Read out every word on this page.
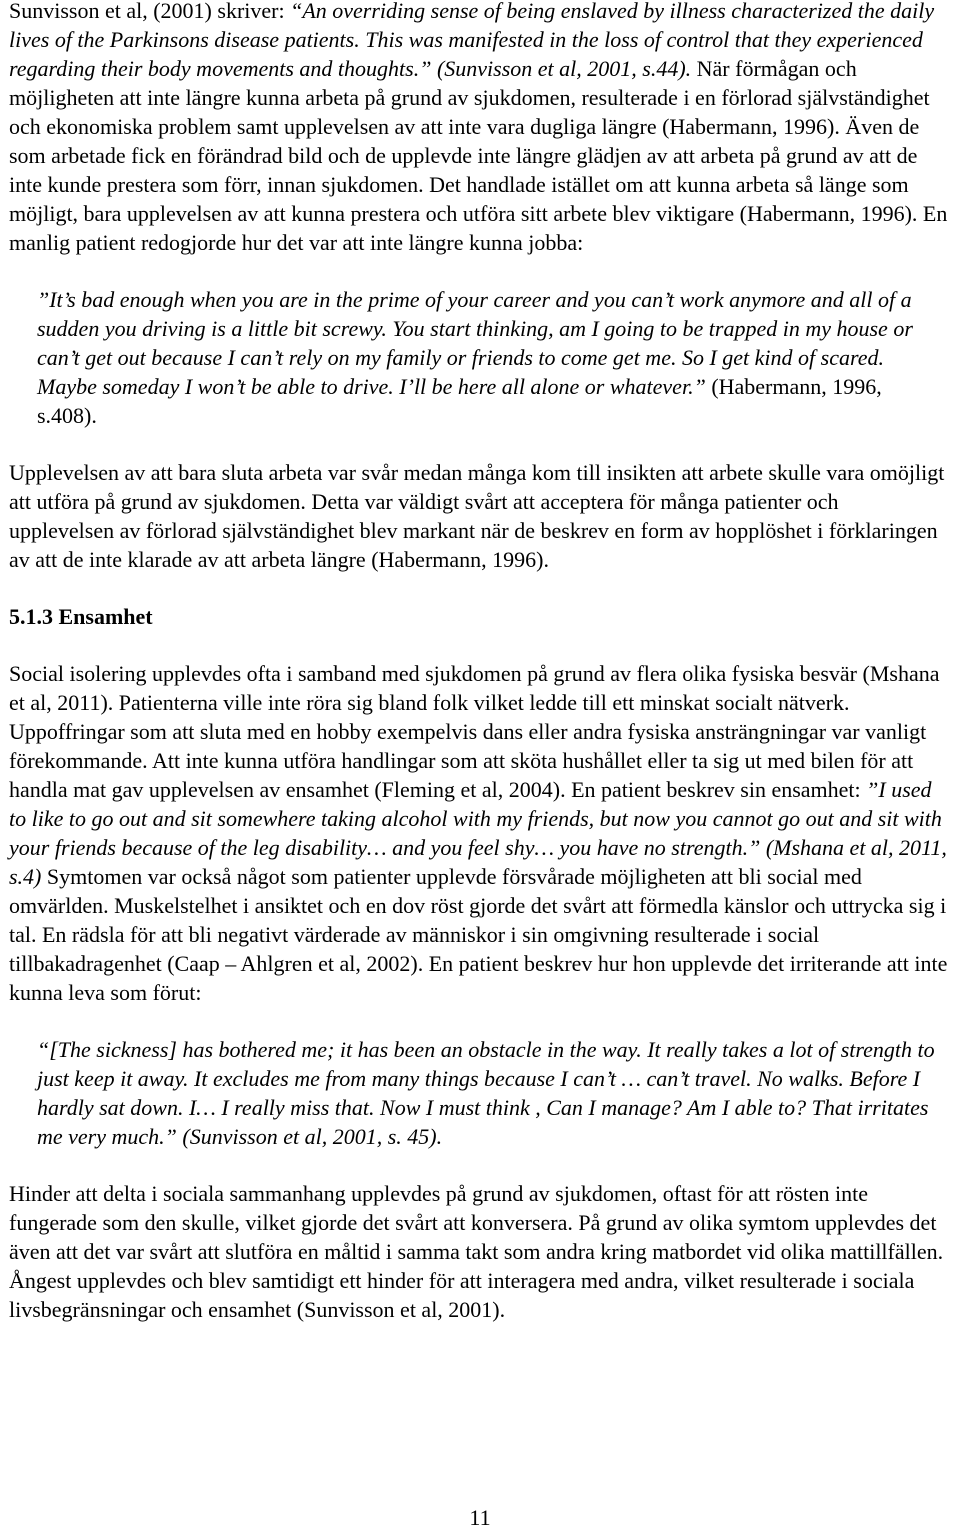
Sunvisson et al, (2001) skriver: “An overriding sense of being enslaved by illness characterized the daily lives of the Parkinsons disease patients. This was manifested in the loss of control that they experienced regarding their body movements and thoughts.” (Sunvisson et al, 2001, s.44). När förmågan och möjligheten att inte längre kunna arbeta på grund av sjukdomen, resulterade i en förlorad självständighet och ekonomiska problem samt upplevelsen av att inte vara dugliga längre (Habermann, 1996). Även de som arbetade fick en förändrad bild och de upplevde inte längre glädjen av att arbeta på grund av att de inte kunde prestera som förr, innan sjukdomen. Det handlade istället om att kunna arbeta så länge som möjligt, bara upplevelsen av att kunna prestera och utföra sitt arbete blev viktigare (Habermann, 1996). En manlig patient redogjorde hur det var att inte längre kunna jobba:

”It’s bad enough when you are in the prime of your career and you can’t work anymore and all of a sudden you driving is a little bit screwy. You start thinking, am I going to be trapped in my house or can’t get out because I can’t rely on my family or friends to come get me. So I get kind of scared. Maybe someday I won’t be able to drive. I’ll be here all alone or whatever.” (Habermann, 1996, s.408).

Upplevelsen av att bara sluta arbeta var svår medan många kom till insikten att arbete skulle vara omöjligt att utföra på grund av sjukdomen. Detta var väldigt svårt att acceptera för många patienter och upplevelsen av förlorad självständighet blev markant när de beskrev en form av hopplöshet i förklaringen av att de inte klarade av att arbeta längre (Habermann, 1996).

5.1.3 Ensamhet

Social isolering upplevdes ofta i samband med sjukdomen på grund av flera olika fysiska besvär (Mshana et al, 2011). Patienterna ville inte röra sig bland folk vilket ledde till ett minskat socialt nätverk. Uppoffringar som att sluta med en hobby exempelvis dans eller andra fysiska ansträngningar var vanligt förekommande. Att inte kunna utföra handlingar som att sköta hushållet eller ta sig ut med bilen för att handla mat gav upplevelsen av ensamhet (Fleming et al, 2004). En patient beskrev sin ensamhet: ”I used to like to go out and sit somewhere taking alcohol with my friends, but now you cannot go out and sit with your friends because of the leg disability… and you feel shy… you have no strength.” (Mshana et al, 2011, s.4) Symtomen var också något som patienter upplevde försvårade möjligheten att bli social med omvärlden. Muskelstelhet i ansiktet och en dov röst gjorde det svårt att förmedla känslor och uttrycka sig i tal. En rädsla för att bli negativt värderade av människor i sin omgivning resulterade i social tillbakadragenhet (Caap – Ahlgren et al, 2002). En patient beskrev hur hon upplevde det irriterande att inte kunna leva som förut:

“[The sickness] has bothered me; it has been an obstacle in the way. It really takes a lot of strength to just keep it away. It excludes me from many things because I can’t … can’t travel. No walks. Before I hardly sat down. I… I really miss that. Now I must think , Can I manage? Am I able to? That irritates me very much.” (Sunvisson et al, 2001, s. 45).

Hinder att delta i sociala sammanhang upplevdes på grund av sjukdomen, oftast för att rösten inte fungerade som den skulle, vilket gjorde det svårt att konversera. På grund av olika symtom upplevdes det även att det var svårt att slutföra en måltid i samma takt som andra kring matbordet vid olika mattillfällen. Ångest upplevdes och blev samtidigt ett hinder för att interagera med andra, vilket resulterade i sociala livsbegränsningar och ensamhet (Sunvisson et al, 2001).

11
